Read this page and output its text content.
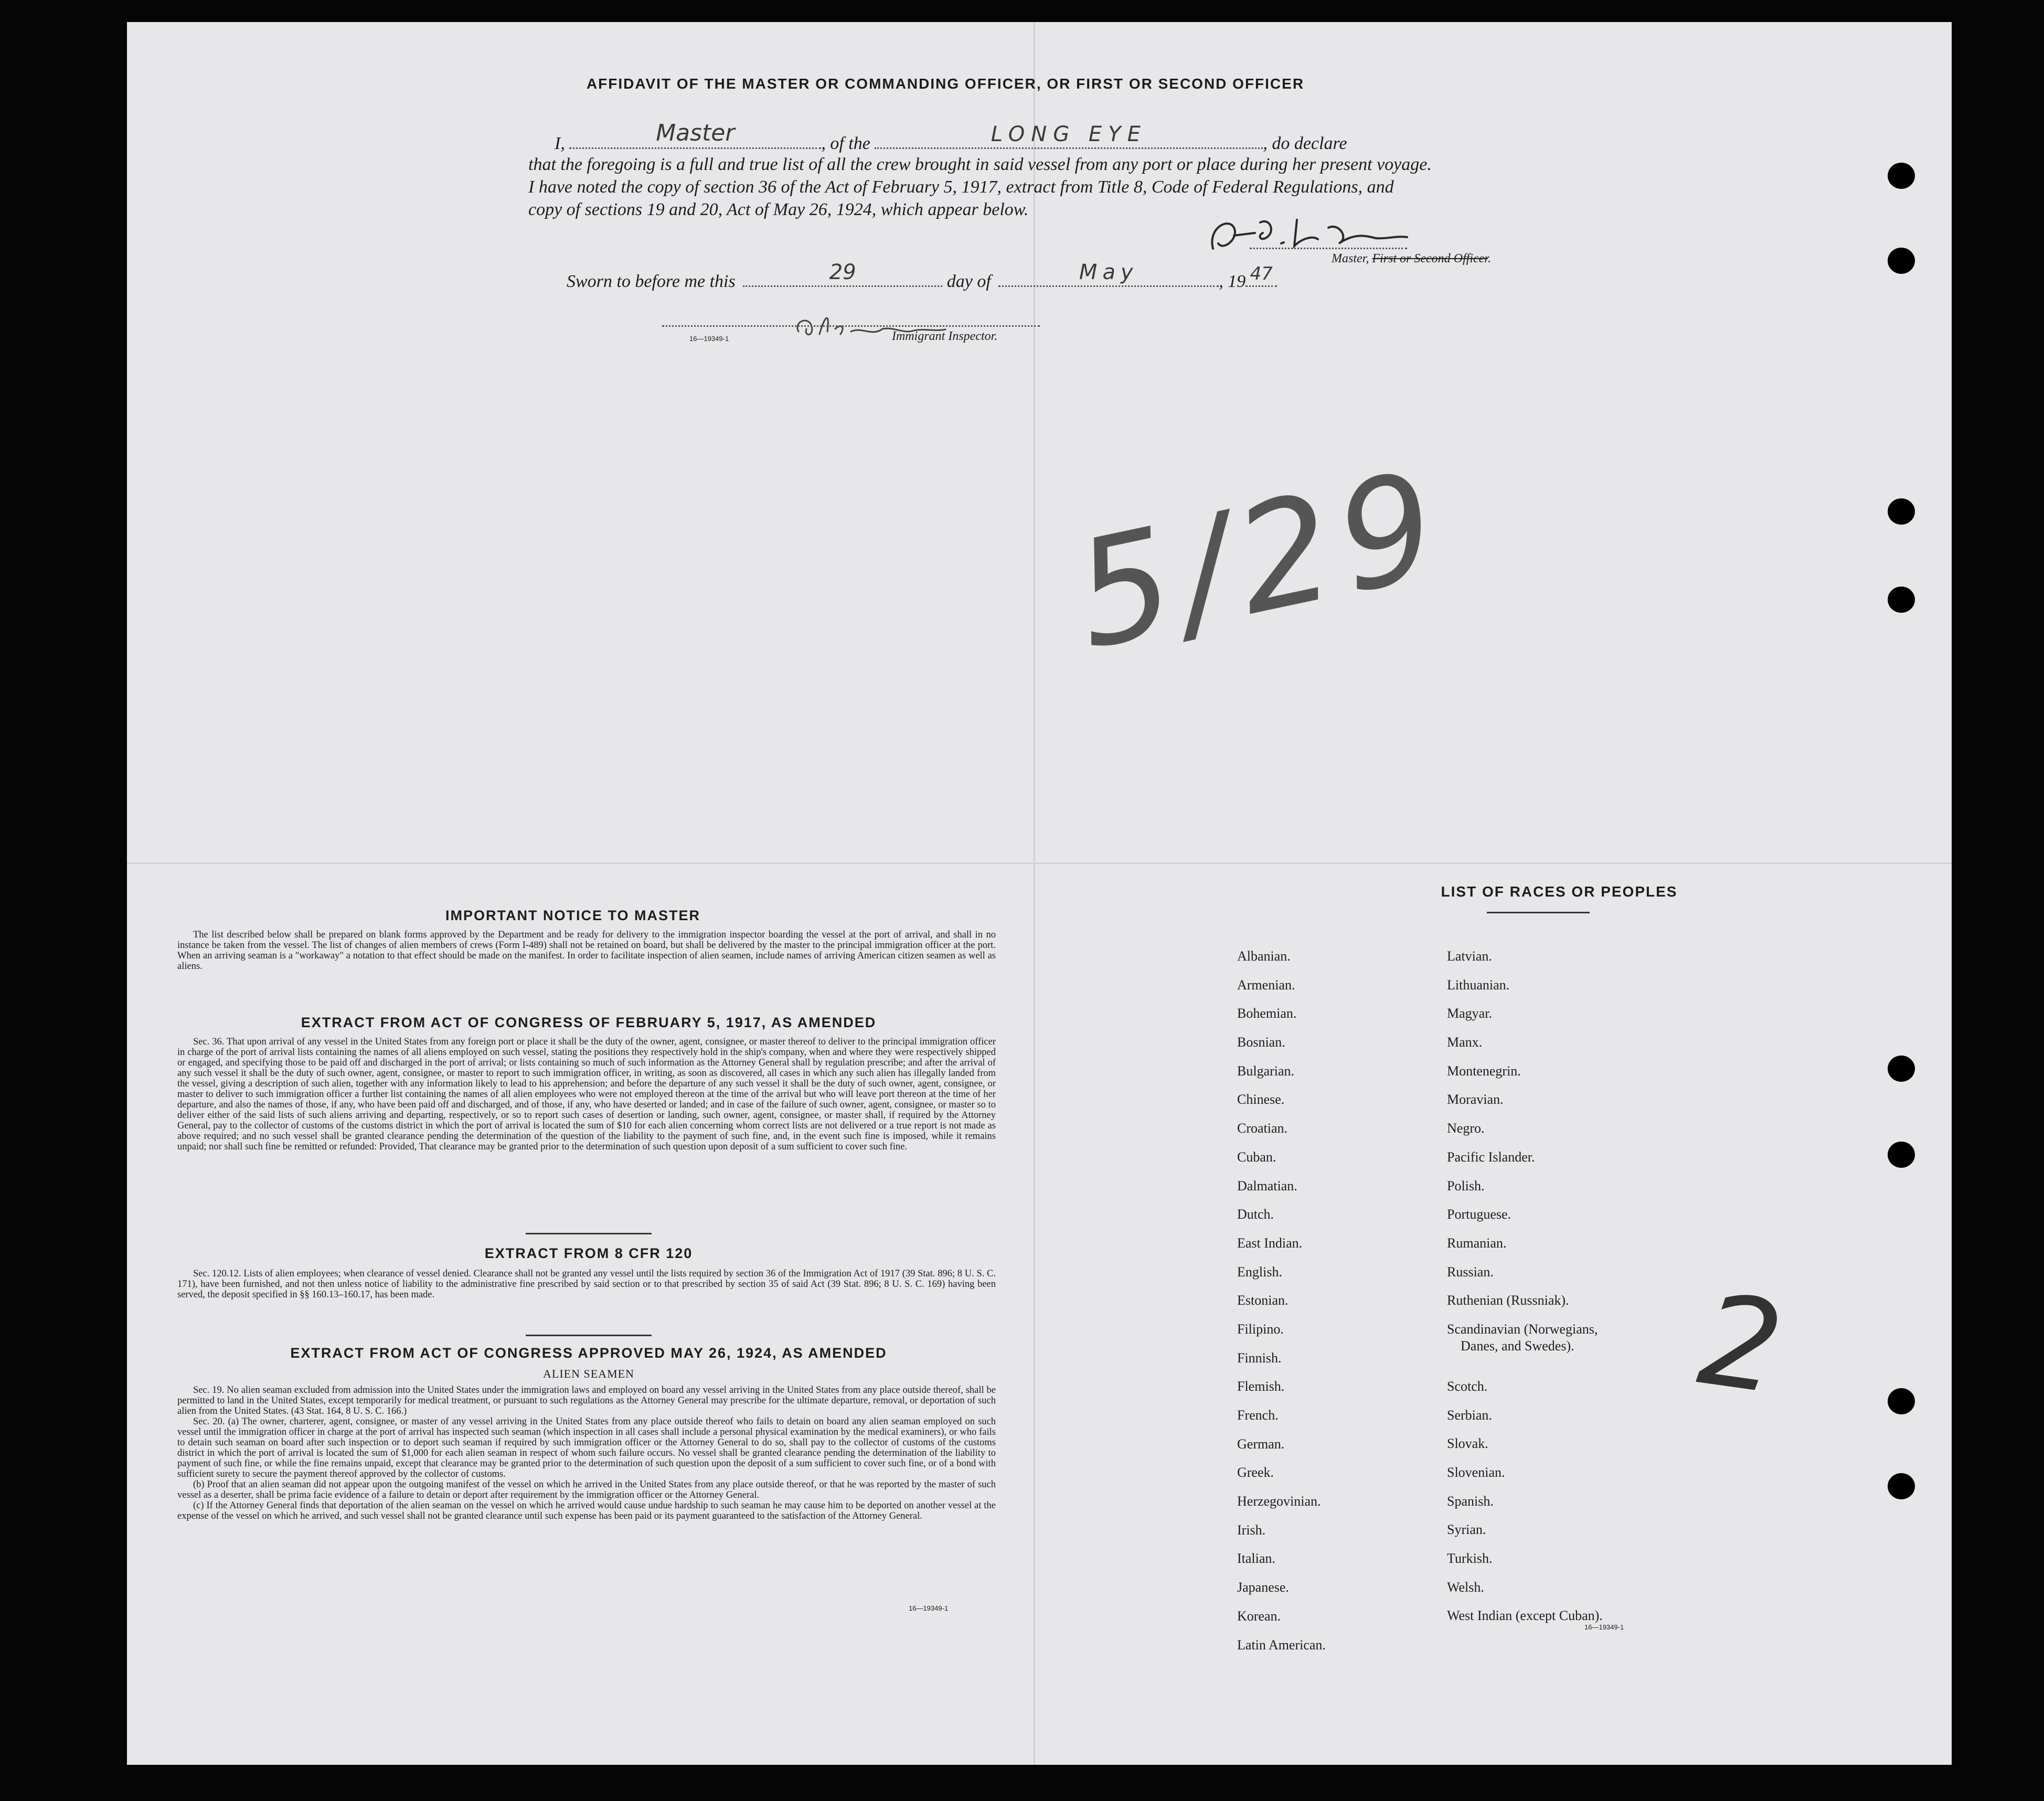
AFFIDAVIT OF THE MASTER OR COMMANDING OFFICER, OR FIRST OR SECOND OFFICER
I,	Master	, of the	LONG EYE	, do declare
that the foregoing is a full and true list of all the crew brought in said vessel from any port or place during her present voyage.
I have noted the copy of section 36 of the Act of February 5, 1917, extract from Title 8, Code of Federal Regulations, and
copy of sections 19 and 20, Act of May 26, 1924, which appear below.
Master, First or Second Officer.
Sworn to before me this	29	day of	May	, 19 47
Immigrant Inspector.
16—19349-1
5/29
2
IMPORTANT NOTICE TO MASTER

The list described below shall be prepared on blank forms approved by the Department and be ready for delivery to the immigration inspector boarding the vessel at the port of arrival, and shall in no instance be taken from the vessel. The list of changes of alien members of crews (Form I-489) shall not be retained on board, but shall be delivered by the master to the principal immigration officer at the port. When an arriving seaman is a "workaway" a notation to that effect should be made on the manifest. In order to facilitate inspection of alien seamen, include names of arriving American citizen seamen as well as aliens.

EXTRACT FROM ACT OF CONGRESS OF FEBRUARY 5, 1917, AS AMENDED

Sec. 36. That upon arrival of any vessel in the United States from any foreign port or place it shall be the duty of the owner, agent, consignee, or master thereof to deliver to the principal immigration officer in charge of the port of arrival lists containing the names of all aliens employed on such vessel, stating the positions they respectively hold in the ship's company, when and where they were respectively shipped or engaged, and specifying those to be paid off and discharged in the port of arrival; or lists containing so much of such information as the Attorney General shall by regulation prescribe; and after the arrival of any such vessel it shall be the duty of such owner, agent, consignee, or master to report to such immigration officer, in writing, as soon as discovered, all cases in which any such alien has illegally landed from the vessel, giving a description of such alien, together with any information likely to lead to his apprehension; and before the departure of any such vessel it shall be the duty of such owner, agent, consignee, or master to deliver to such immigration officer a further list containing the names of all alien employees who were not employed thereon at the time of the arrival but who will leave port thereon at the time of her departure, and also the names of those, if any, who have been paid off and discharged, and of those, if any, who have deserted or landed; and in case of the failure of such owner, agent, consignee, or master so to deliver either of the said lists of such aliens arriving and departing, respectively, or so to report such cases of desertion or landing, such owner, agent, consignee, or master shall, if required by the Attorney General, pay to the collector of customs of the customs district in which the port of arrival is located the sum of $10 for each alien concerning whom correct lists are not delivered or a true report is not made as above required; and no such vessel shall be granted clearance pending the determination of the question of the liability to the payment of such fine, and, in the event such fine is imposed, while it remains unpaid; nor shall such fine be remitted or refunded: Provided, That clearance may be granted prior to the determination of such question upon deposit of a sum sufficient to cover such fine.

EXTRACT FROM 8 CFR 120

Sec. 120.12. Lists of alien employees; when clearance of vessel denied. Clearance shall not be granted any vessel until the lists required by section 36 of the Immigration Act of 1917 (39 Stat. 896; 8 U. S. C. 171), have been furnished, and not then unless notice of liability to the administrative fine prescribed by said section or to that prescribed by section 35 of said Act (39 Stat. 896; 8 U. S. C. 169) having been served, the deposit specified in §§ 160.13–160.17, has been made.

EXTRACT FROM ACT OF CONGRESS APPROVED MAY 26, 1924, AS AMENDED
ALIEN SEAMEN

Sec. 19. No alien seaman excluded from admission into the United States under the immigration laws and employed on board any vessel arriving in the United States from any place outside thereof, shall be permitted to land in the United States, except temporarily for medical treatment, or pursuant to such regulations as the Attorney General may prescribe for the ultimate departure, removal, or deportation of such alien from the United States. (43 Stat. 164, 8 U. S. C. 166.)

Sec. 20. (a) The owner, charterer, agent, consignee, or master of any vessel arriving in the United States from any place outside thereof who fails to detain on board any alien seaman employed on such vessel until the immigration officer in charge at the port of arrival has inspected such seaman (which inspection in all cases shall include a personal physical examination by the medical examiners), or who fails to detain such seaman on board after such inspection or to deport such seaman if required by such immigration officer or the Attorney General to do so, shall pay to the collector of customs of the customs district in which the port of arrival is located the sum of $1,000 for each alien seaman in respect of whom such failure occurs. No vessel shall be granted clearance pending the determination of the liability to payment of such fine, or while the fine remains unpaid, except that clearance may be granted prior to the determination of such question upon the deposit of a sum sufficient to cover such fine, or of a bond with sufficient surety to secure the payment thereof approved by the collector of customs.

(b) Proof that an alien seaman did not appear upon the outgoing manifest of the vessel on which he arrived in the United States from any place outside thereof, or that he was reported by the master of such vessel as a deserter, shall be prima facie evidence of a failure to detain or deport after requirement by the immigration officer or the Attorney General.

(c) If the Attorney General finds that deportation of the alien seaman on the vessel on which he arrived would cause undue hardship to such seaman he may cause him to be deported on another vessel at the expense of the vessel on which he arrived, and such vessel shall not be granted clearance until such expense has been paid or its payment guaranteed to the satisfaction of the Attorney General.

16—19349-1
LIST OF RACES OR PEOPLES
Albanian.
Armenian.
Bohemian.
Bosnian.
Bulgarian.
Chinese.
Croatian.
Cuban.
Dalmatian.
Dutch.
East Indian.
English.
Estonian.
Filipino.
Finnish.
Flemish.
French.
German.
Greek.
Herzegovinian.
Irish.
Italian.
Japanese.
Korean.
Latin American.
Latvian.
Lithuanian.
Magyar.
Manx.
Montenegrin.
Moravian.
Negro.
Pacific Islander.
Polish.
Portuguese.
Rumanian.
Russian.
Ruthenian (Russniak).
Scandinavian (Norwegians,
Danes, and Swedes).
Scotch.
Serbian.
Slovak.
Slovenian.
Spanish.
Syrian.
Turkish.
Welsh.
West Indian (except Cuban).
16—19349-1
